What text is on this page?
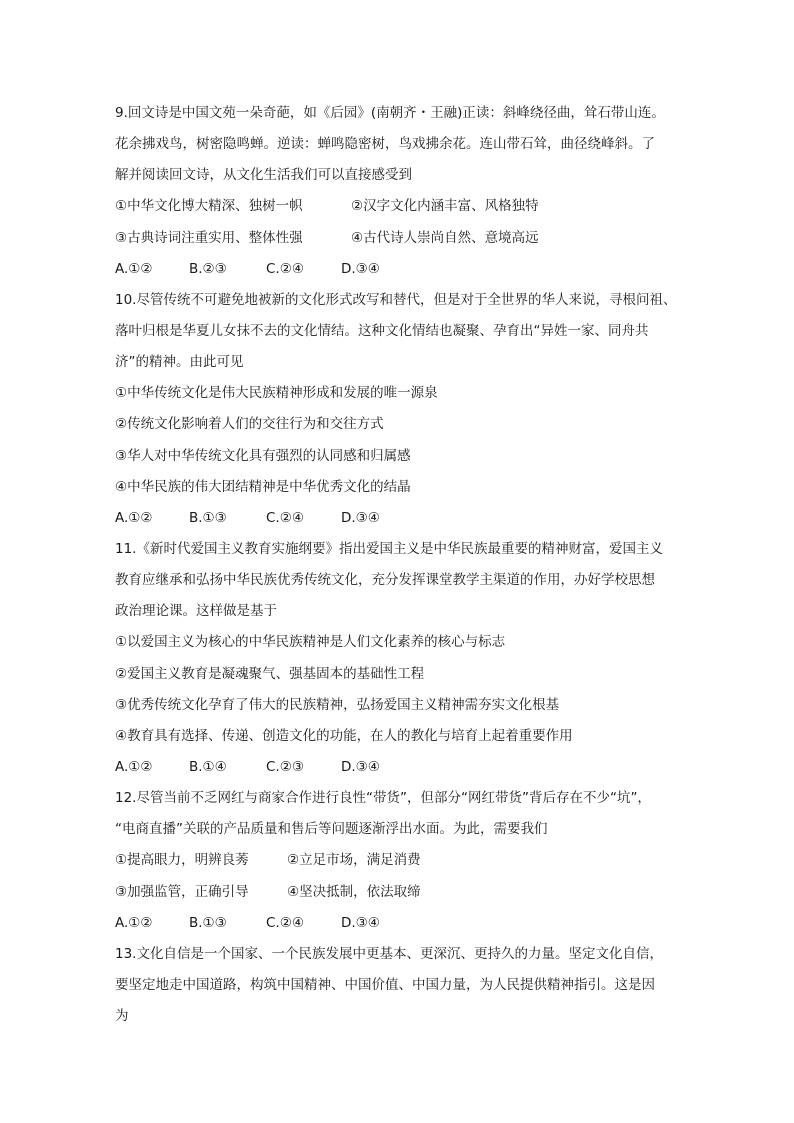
9.回文诗是中国文苑一朵奇葩，如《后园》(南朝齐・王融)正读：斜峰绕径曲，耸石带山连。
花余拂戏鸟，树密隐鸣蝉。逆读：蝉鸣隐密树，鸟戏拂余花。连山带石耸，曲径绕峰斜。了
解并阅读回文诗，从文化生活我们可以直接感受到
①中华文化博大精深、独树一帜	②汉字文化内涵丰富、风格独特
③古典诗词注重实用、整体性强	④古代诗人崇尚自然、意境高远
A.①②	B.②③	C.②④	D.③④
10.尽管传统不可避免地被新的文化形式改写和替代，但是对于全世界的华人来说，寻根问祖、
落叶归根是华夏儿女抹不去的文化情结。这种文化情结也凝聚、孕育出“异姓一家、同舟共
济”的精神。由此可见
①中华传统文化是伟大民族精神形成和发展的唯一源泉
②传统文化影响着人们的交往行为和交往方式
③华人对中华传统文化具有强烈的认同感和归属感
④中华民族的伟大团结精神是中华优秀文化的结晶
A.①②	B.①③	C.②④	D.③④
11.《新时代爱国主义教育实施纲要》指出爱国主义是中华民族最重要的精神财富，爱国主义
教育应继承和弘扬中华民族优秀传统文化，充分发挥课堂教学主渠道的作用，办好学校思想
政治理论课。这样做是基于
①以爱国主义为核心的中华民族精神是人们文化素养的核心与标志
②爱国主义教育是凝魂聚气、强基固本的基础性工程
③优秀传统文化孕育了伟大的民族精神，弘扬爱国主义精神需夯实文化根基
④教育具有选择、传递、创造文化的功能，在人的教化与培育上起着重要作用
A.①②	B.①④	C.②③	D.③④
12.尽管当前不乏网红与商家合作进行良性“带货”，但部分“网红带货”背后存在不少“坑”，
“电商直播”关联的产品质量和售后等问题逐渐浮出水面。为此，需要我们
①提高眼力，明辨良莠	②立足市场，满足消费
③加强监管，正确引导	④坚决抵制，依法取缔
A.①②	B.①③	C.②④	D.③④
13.文化自信是一个国家、一个民族发展中更基本、更深沉、更持久的力量。坚定文化自信，
要坚定地走中国道路，构筑中国精神、中国价值、中国力量，为人民提供精神指引。这是因
为
